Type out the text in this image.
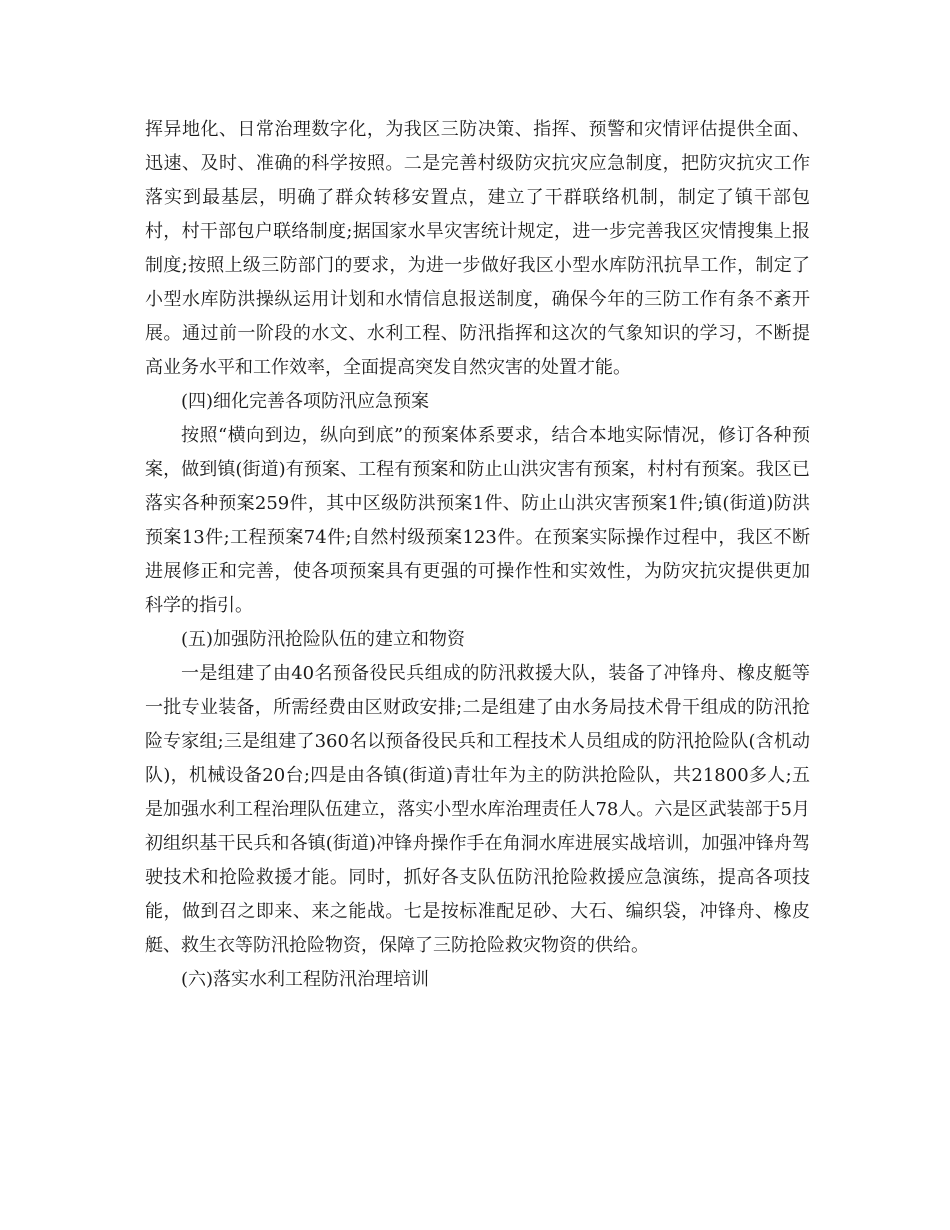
挥异地化、日常治理数字化，为我区三防决策、指挥、预警和灾情评估提供全面、迅速、及时、准确的科学按照。二是完善村级防灾抗灾应急制度，把防灾抗灾工作落实到最基层，明确了群众转移安置点，建立了干群联络机制，制定了镇干部包村，村干部包户联络制度;据国家水旱灾害统计规定，进一步完善我区灾情搜集上报制度;按照上级三防部门的要求，为进一步做好我区小型水库防汛抗旱工作，制定了小型水库防洪操纵运用计划和水情信息报送制度，确保今年的三防工作有条不紊开展。通过前一阶段的水文、水利工程、防汛指挥和这次的气象知识的学习，不断提高业务水平和工作效率，全面提高突发自然灾害的处置才能。

(四)细化完善各项防汛应急预案

按照“横向到边，纵向到底”的预案体系要求，结合本地实际情况，修订各种预案，做到镇(街道)有预案、工程有预案和防止山洪灾害有预案，村村有预案。我区已落实各种预案259件，其中区级防洪预案1件、防止山洪灾害预案1件;镇(街道)防洪预案13件;工程预案74件;自然村级预案123件。在预案实际操作过程中，我区不断进展修正和完善，使各项预案具有更强的可操作性和实效性，为防灾抗灾提供更加科学的指引。

(五)加强防汛抢险队伍的建立和物资

一是组建了由40名预备役民兵组成的防汛救援大队，装备了冲锋舟、橡皮艇等一批专业装备，所需经费由区财政安排;二是组建了由水务局技术骨干组成的防汛抢险专家组;三是组建了360名以预备役民兵和工程技术人员组成的防汛抢险队(含机动队)，机械设备20台;四是由各镇(街道)青壮年为主的防洪抢险队，共21800多人;五是加强水利工程治理队伍建立，落实小型水库治理责任人78人。六是区武装部于5月初组织基干民兵和各镇(街道)冲锋舟操作手在角洞水库进展实战培训，加强冲锋舟驾驶技术和抢险救援才能。同时，抓好各支队伍防汛抢险救援应急演练，提高各项技能，做到召之即来、来之能战。七是按标准配足砂、大石、编织袋，冲锋舟、橡皮艇、救生衣等防汛抢险物资，保障了三防抢险救灾物资的供给。

(六)落实水利工程防汛治理培训
